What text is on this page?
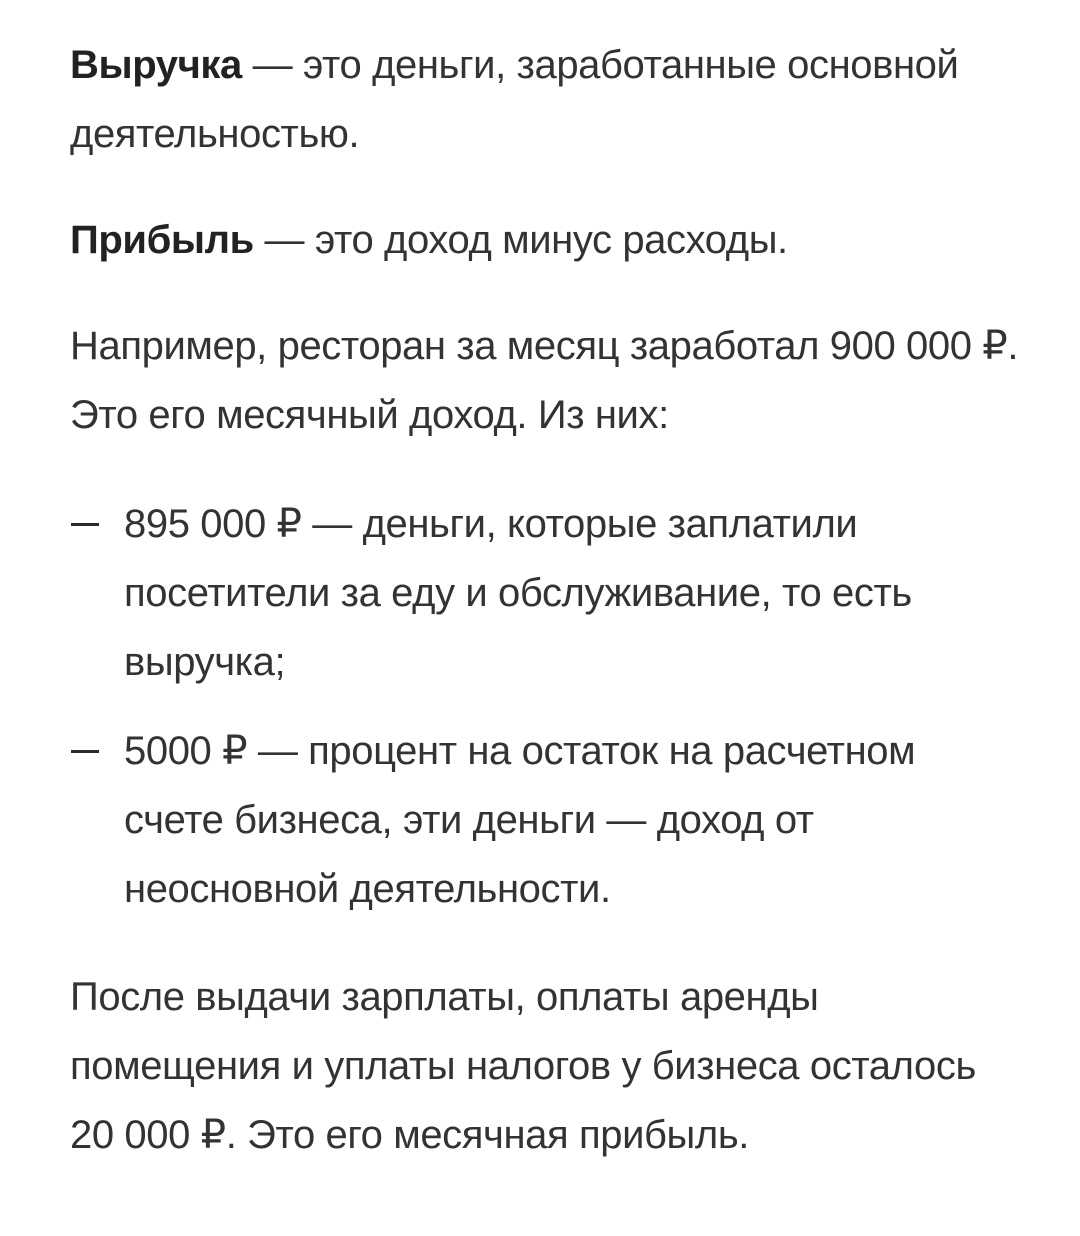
Выручка — это деньги, заработанные основной деятельностью.

Прибыль — это доход минус расходы.

Например, ресторан за месяц заработал 900 000 ₽. Это его месячный доход. Из них:

895 000 ₽ — деньги, которые заплатили посетители за еду и обслуживание, то есть выручка;
5000 ₽ — процент на остаток на расчетном счете бизнеса, эти деньги — доход от неосновной деятельности.

После выдачи зарплаты, оплаты аренды помещения и уплаты налогов у бизнеса осталось 20 000 ₽. Это его месячная прибыль.
